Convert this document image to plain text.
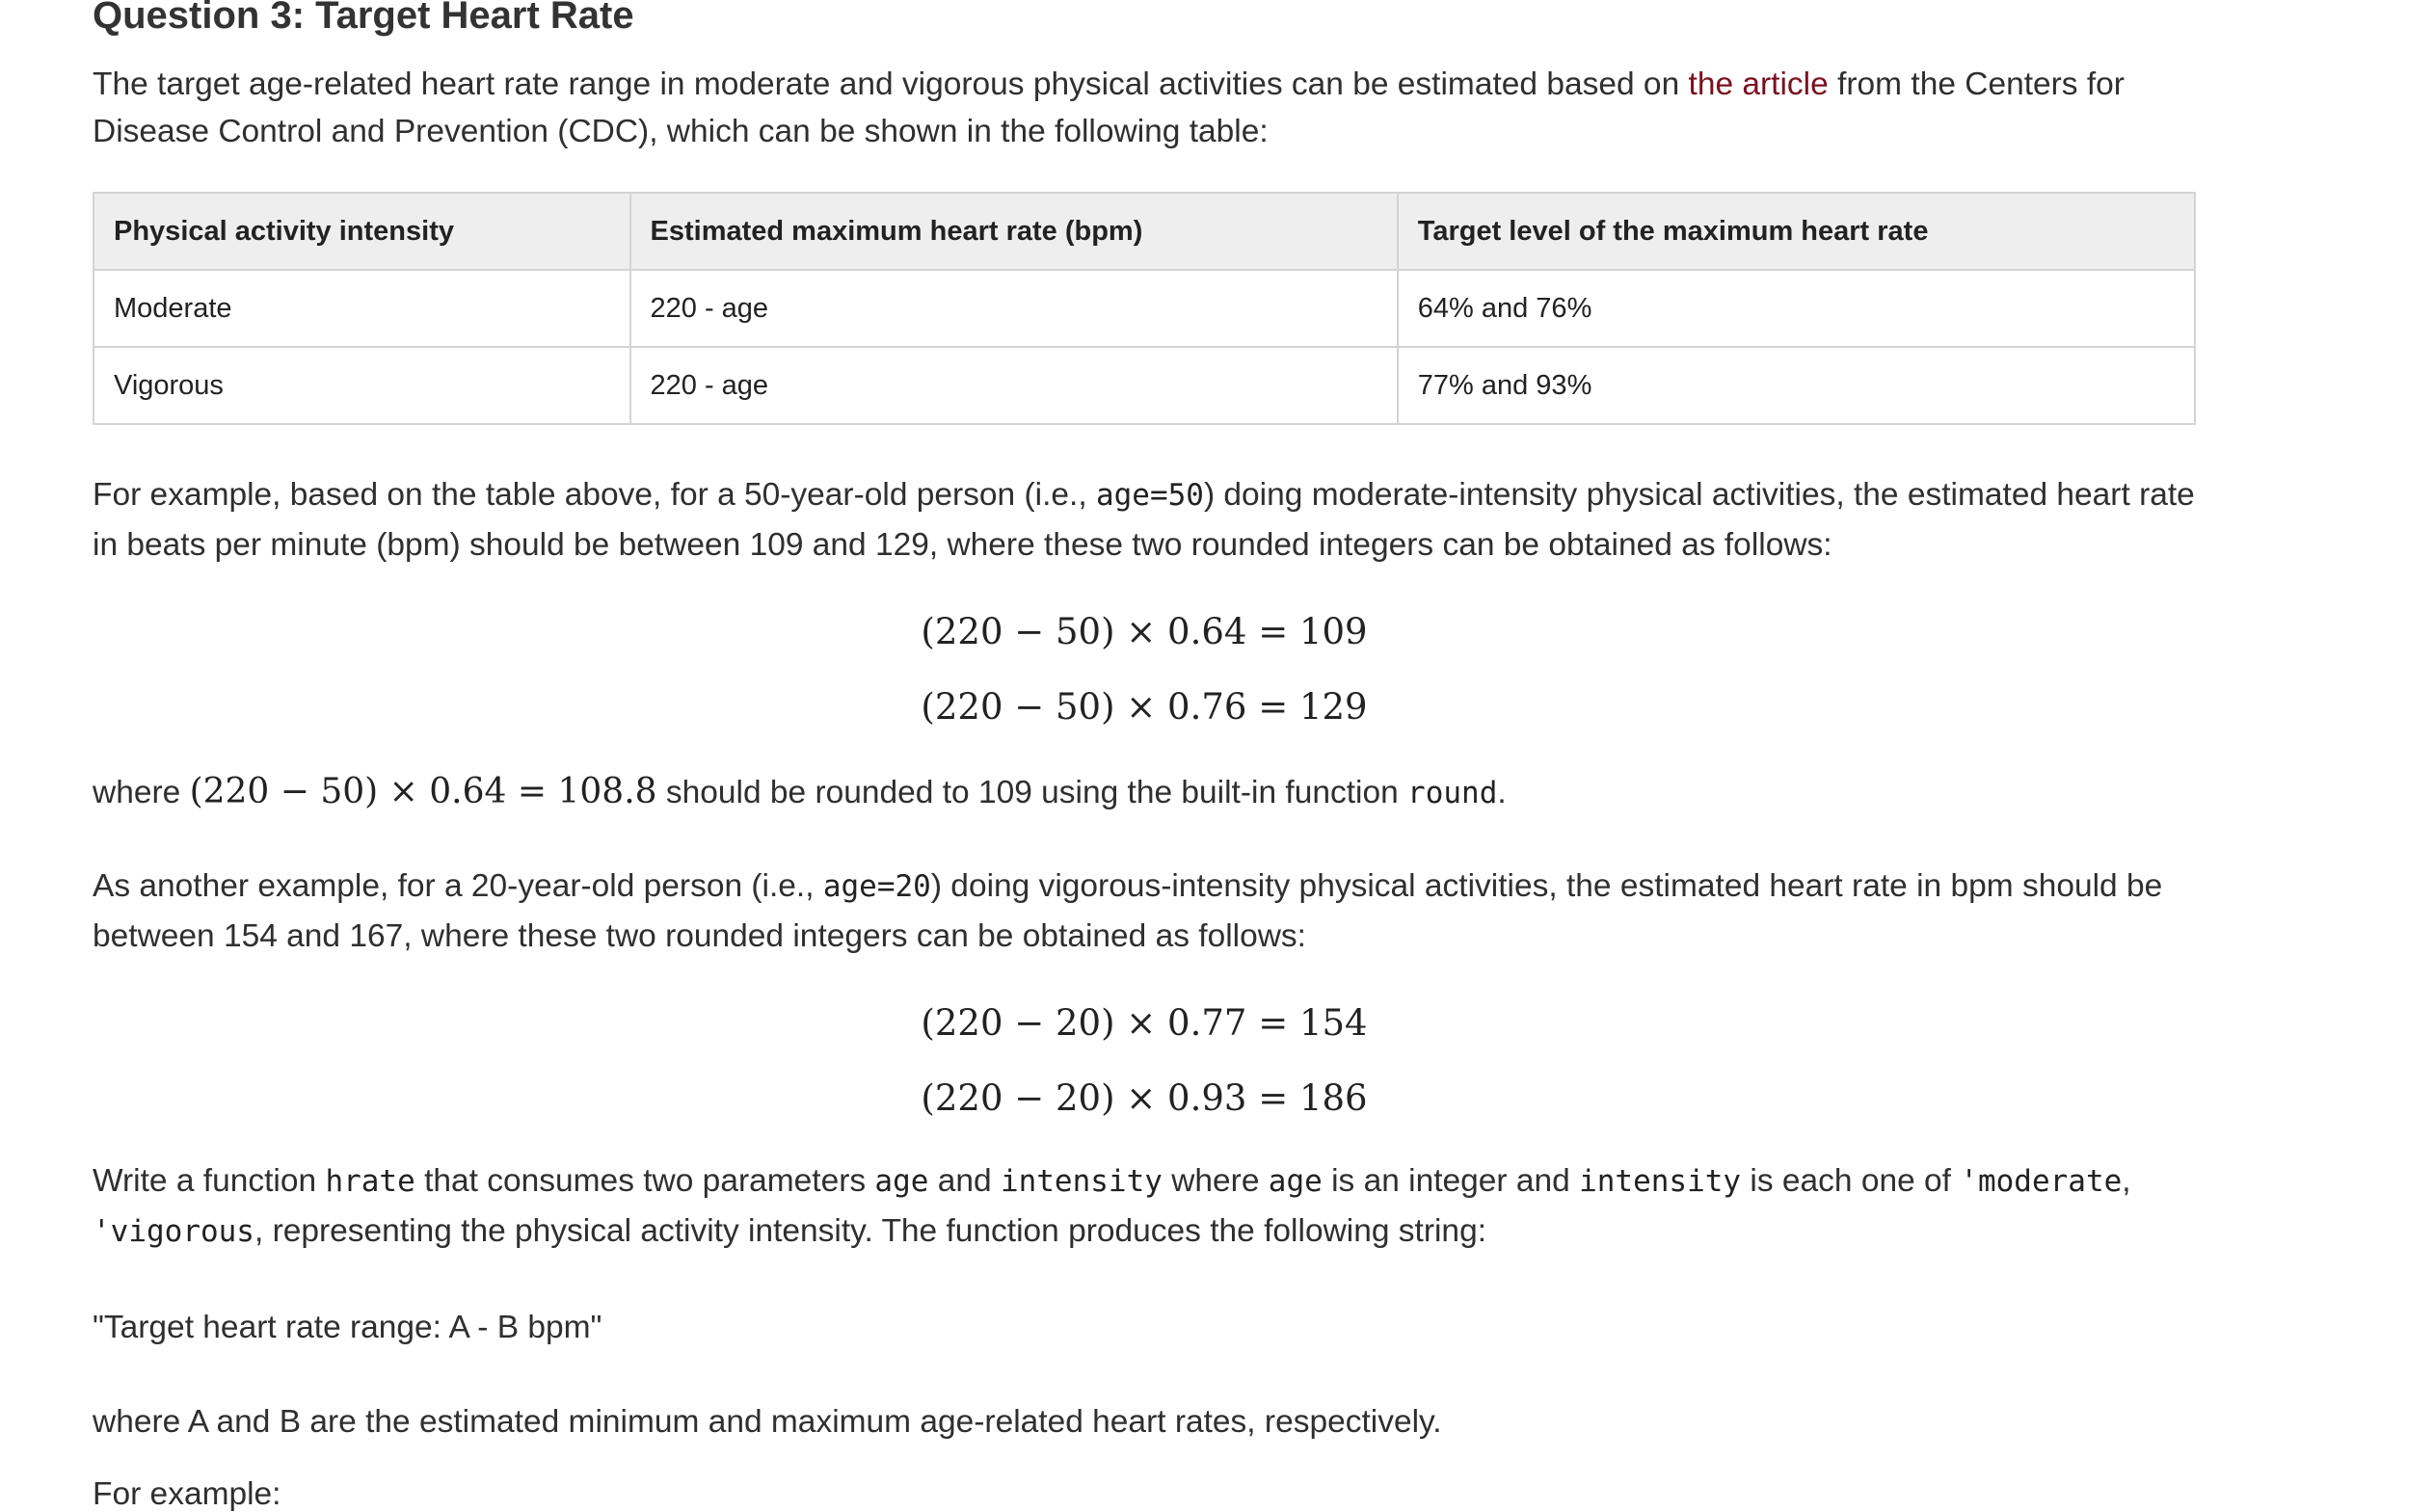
Question 3: Target Heart Rate

The target age-related heart rate range in moderate and vigorous physical activities can be estimated based on the article from the Centers for Disease Control and Prevention (CDC), which can be shown in the following table:

Physical activity intensity	Estimated maximum heart rate (bpm)	Target level of the maximum heart rate
Moderate	220 - age	64% and 76%
Vigorous	220 - age	77% and 93%

For example, based on the table above, for a 50-year-old person (i.e., age=50) doing moderate-intensity physical activities, the estimated heart rate in beats per minute (bpm) should be between 109 and 129, where these two rounded integers can be obtained as follows:

(220 − 50) × 0.64 = 109
(220 − 50) × 0.76 = 129

where (220 − 50) × 0.64 = 108.8 should be rounded to 109 using the built-in function round.

As another example, for a 20-year-old person (i.e., age=20) doing vigorous-intensity physical activities, the estimated heart rate in bpm should be between 154 and 167, where these two rounded integers can be obtained as follows:

(220 − 20) × 0.77 = 154
(220 − 20) × 0.93 = 186

Write a function hrate that consumes two parameters age and intensity where age is an integer and intensity is each one of 'moderate, 'vigorous, representing the physical activity intensity. The function produces the following string:

"Target heart rate range: A - B bpm"

where A and B are the estimated minimum and maximum age-related heart rates, respectively.

For example:
